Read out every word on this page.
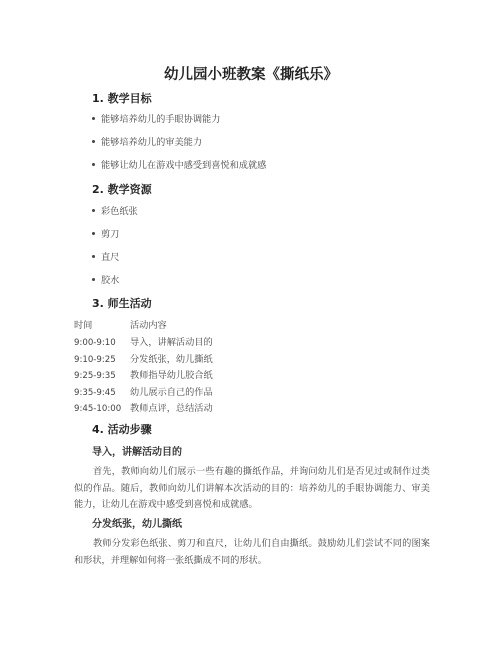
幼儿园小班教案《撕纸乐》
1. 教学目标
能够培养幼儿的手眼协调能力
能够培养幼儿的审美能力
能够让幼儿在游戏中感受到喜悦和成就感
2. 教学资源
彩色纸张
剪刀
直尺
胶水
3. 师生活动
时间	活动内容
9:00-9:10 导入，讲解活动目的
9:10-9:25 分发纸张，幼儿撕纸
9:25-9:35 教师指导幼儿胶合纸
9:35-9:45 幼儿展示自己的作品
9:45-10:00 教师点评，总结活动
4. 活动步骤
导入，讲解活动目的
首先，教师向幼儿们展示一些有趣的撕纸作品，并询问幼儿们是否见过或制作过类似的作品。随后，教师向幼儿们讲解本次活动的目的：培养幼儿的手眼协调能力、审美能力，让幼儿在游戏中感受到喜悦和成就感。
分发纸张，幼儿撕纸
教师分发彩色纸张、剪刀和直尺，让幼儿们自由撕纸。鼓励幼儿们尝试不同的图案和形状，并理解如何将一张纸撕成不同的形状。
